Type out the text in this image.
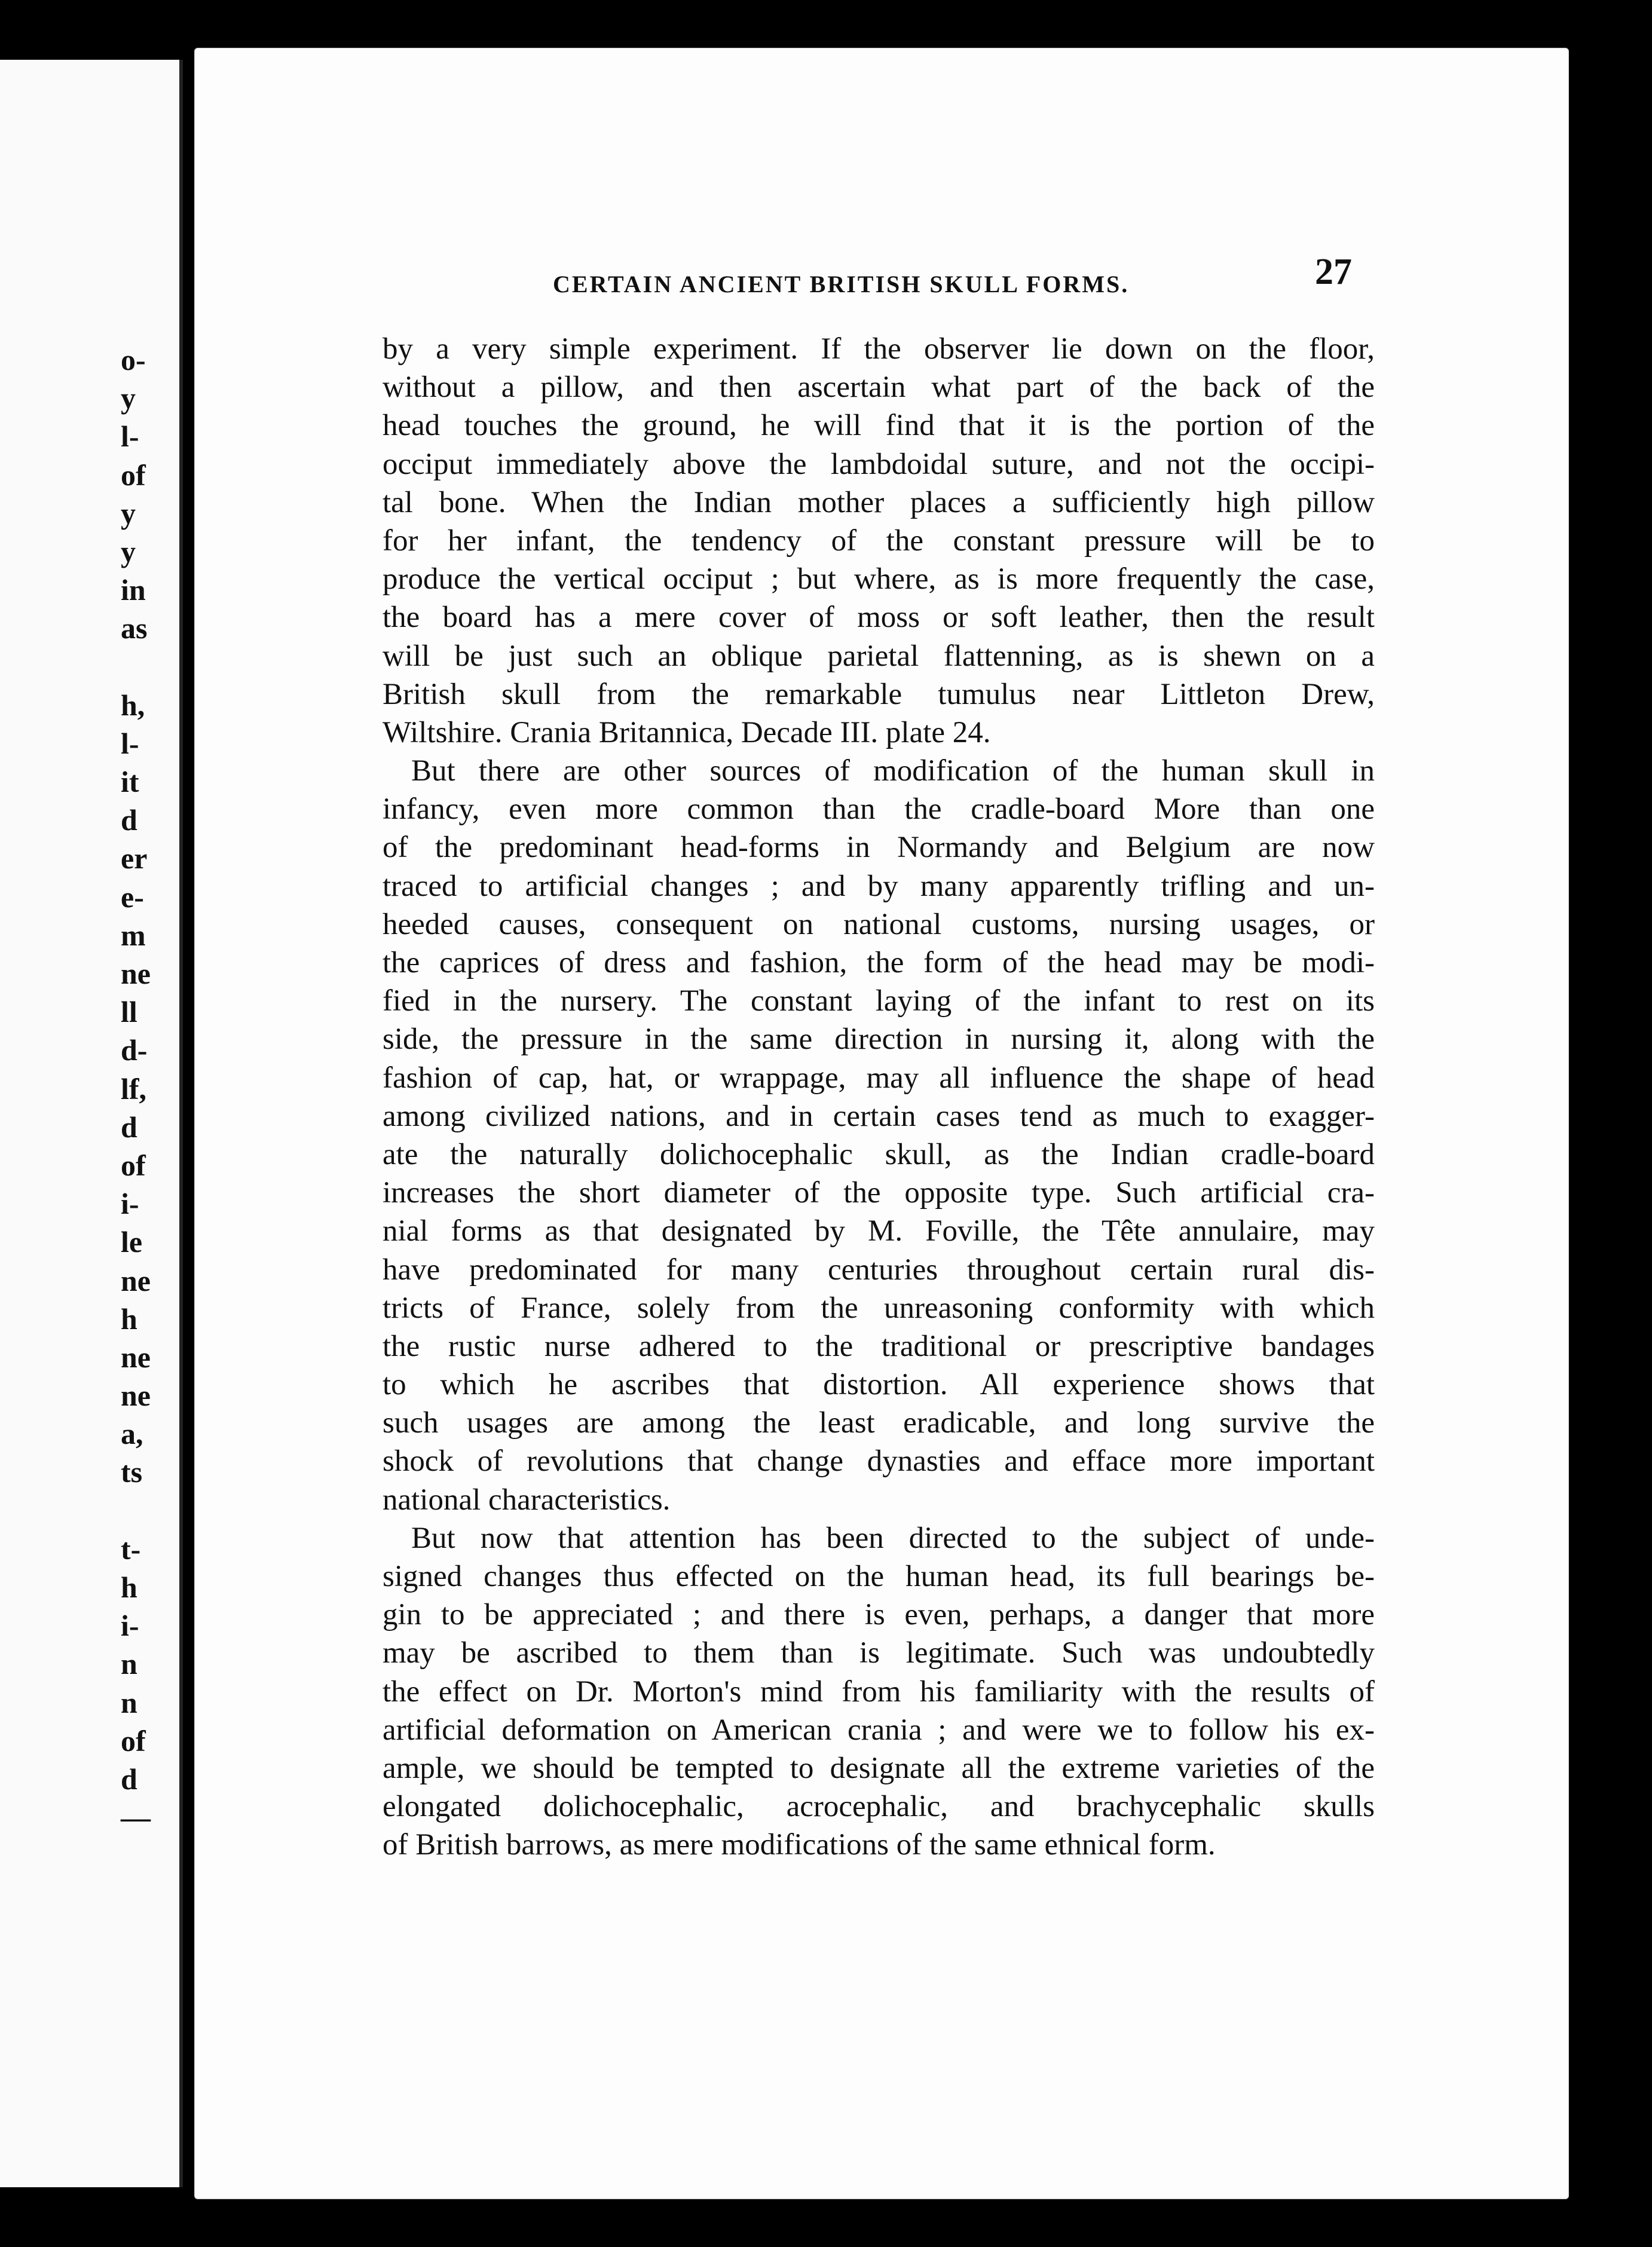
o-
y
l-
of
y
y
in
as
h,
l-
it
d
er
e-
m
ne
ll
d-
lf,
d
of
i-
le
ne
h
ne
ne
a,
ts
t-
h
i-
n
n
of
d
—
CERTAIN ANCIENT BRITISH SKULL FORMS.	27
by a very simple experiment. If the observer lie down on the floor,
without a pillow, and then ascertain what part of the back of the
head touches the ground, he will find that it is the portion of the
occiput immediately above the lambdoidal suture, and not the occipi-
tal bone. When the Indian mother places a sufficiently high pillow
for her infant, the tendency of the constant pressure will be to
produce the vertical occiput ; but where, as is more frequently the case,
the board has a mere cover of moss or soft leather, then the result
will be just such an oblique parietal flattenning, as is shewn on a
British skull from the remarkable tumulus near Littleton Drew,
Wiltshire. Crania Britannica, Decade III. plate 24.
But there are other sources of modification of the human skull in
infancy, even more common than the cradle-board More than one
of the predominant head-forms in Normandy and Belgium are now
traced to artificial changes ; and by many apparently trifling and un-
heeded causes, consequent on national customs, nursing usages, or
the caprices of dress and fashion, the form of the head may be modi-
fied in the nursery. The constant laying of the infant to rest on its
side, the pressure in the same direction in nursing it, along with the
fashion of cap, hat, or wrappage, may all influence the shape of head
among civilized nations, and in certain cases tend as much to exagger-
ate the naturally dolichocephalic skull, as the Indian cradle-board
increases the short diameter of the opposite type. Such artificial cra-
nial forms as that designated by M. Foville, the Tête annulaire, may
have predominated for many centuries throughout certain rural dis-
tricts of France, solely from the unreasoning conformity with which
the rustic nurse adhered to the traditional or prescriptive bandages
to which he ascribes that distortion. All experience shows that
such usages are among the least eradicable, and long survive the
shock of revolutions that change dynasties and efface more important
national characteristics.
But now that attention has been directed to the subject of unde-
signed changes thus effected on the human head, its full bearings be-
gin to be appreciated ; and there is even, perhaps, a danger that more
may be ascribed to them than is legitimate. Such was undoubtedly
the effect on Dr. Morton's mind from his familiarity with the results of
artificial deformation on American crania ; and were we to follow his ex-
ample, we should be tempted to designate all the extreme varieties of the
elongated dolichocephalic, acrocephalic, and brachycephalic skulls
of British barrows, as mere modifications of the same ethnical form.
